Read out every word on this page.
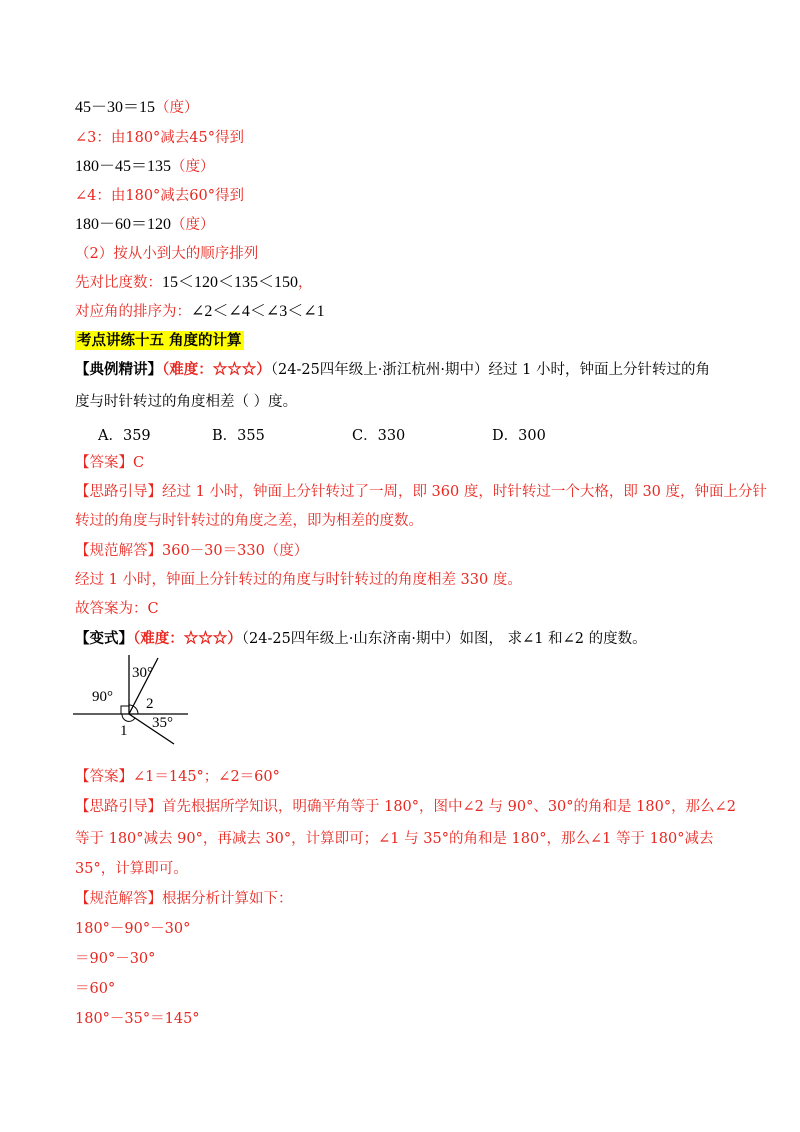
45－30＝15（度）
∠3：由180°减去45°得到
180－45＝135（度）
∠4：由180°减去60°得到
180－60＝120（度）
（2）按从小到大的顺序排列
先对比度数：15＜120＜135＜150，
对应角的排序为：∠2＜∠4＜∠3＜∠1
考点讲练十五 角度的计算
【典例精讲】（难度：☆☆☆）（24-25四年级上·浙江杭州·期中）经过 1 小时，钟面上分针转过的角
度与时针转过的角度相差（ ）度。
A．359	B．355	C．330	D．300
【答案】C
【思路引导】经过 1 小时，钟面上分针转过了一周，即 360 度，时针转过一个大格，即 30 度，钟面上分针
转过的角度与时针转过的角度之差，即为相差的度数。
【规范解答】360－30＝330（度）
经过 1 小时，钟面上分针转过的角度与时针转过的角度相差 330 度。
故答案为：C
【变式】（难度：☆☆☆）（24-25四年级上·山东济南·期中）如图， 求∠1 和∠2 的度数。
30°
90° 2
35°
1
【答案】∠1＝145°；∠2＝60°
【思路引导】首先根据所学知识，明确平角等于 180°，图中∠2 与 90°、30°的角和是 180°，那么∠2
等于 180°减去 90°，再减去 30°，计算即可；∠1 与 35°的角和是 180°，那么∠1 等于 180°减去
35°，计算即可。
【规范解答】根据分析计算如下：
180°－90°－30°
＝90°－30°
＝60°
180°－35°＝145°
